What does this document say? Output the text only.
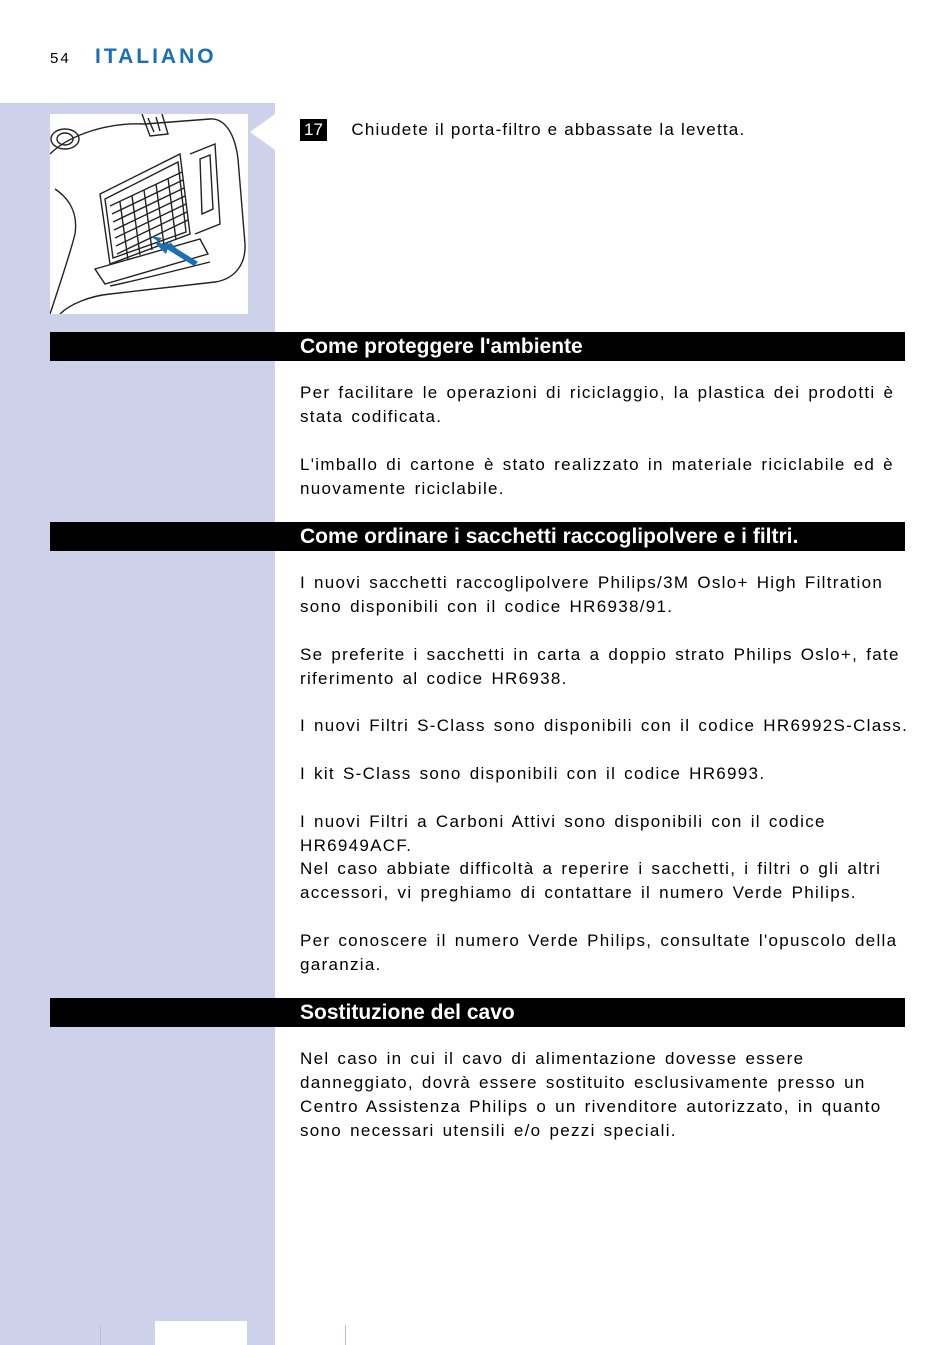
54 ITALIANO
17 Chiudete il porta-filtro e abbassate la levetta.
Come proteggere l'ambiente
Per facilitare le operazioni di riciclaggio, la plastica dei prodotti è stata codificata.
L'imballo di cartone è stato realizzato in materiale riciclabile ed è nuovamente riciclabile.
Come ordinare i sacchetti raccoglipolvere e i filtri.
I nuovi sacchetti raccoglipolvere Philips/3M Oslo+ High Filtration sono disponibili con il codice HR6938/91.
Se preferite i sacchetti in carta a doppio strato Philips Oslo+, fate riferimento al codice HR6938.
I nuovi Filtri S-Class sono disponibili con il codice HR6992S-Class.
I kit S-Class sono disponibili con il codice HR6993.
I nuovi Filtri a Carboni Attivi sono disponibili con il codice HR6949ACF.
Nel caso abbiate difficoltà a reperire i sacchetti, i filtri o gli altri accessori, vi preghiamo di contattare il numero Verde Philips.
Per conoscere il numero Verde Philips, consultate l'opuscolo della garanzia.
Sostituzione del cavo
Nel caso in cui il cavo di alimentazione dovesse essere danneggiato, dovrà essere sostituito esclusivamente presso un Centro Assistenza Philips o un rivenditore autorizzato, in quanto sono necessari utensili e/o pezzi speciali.
